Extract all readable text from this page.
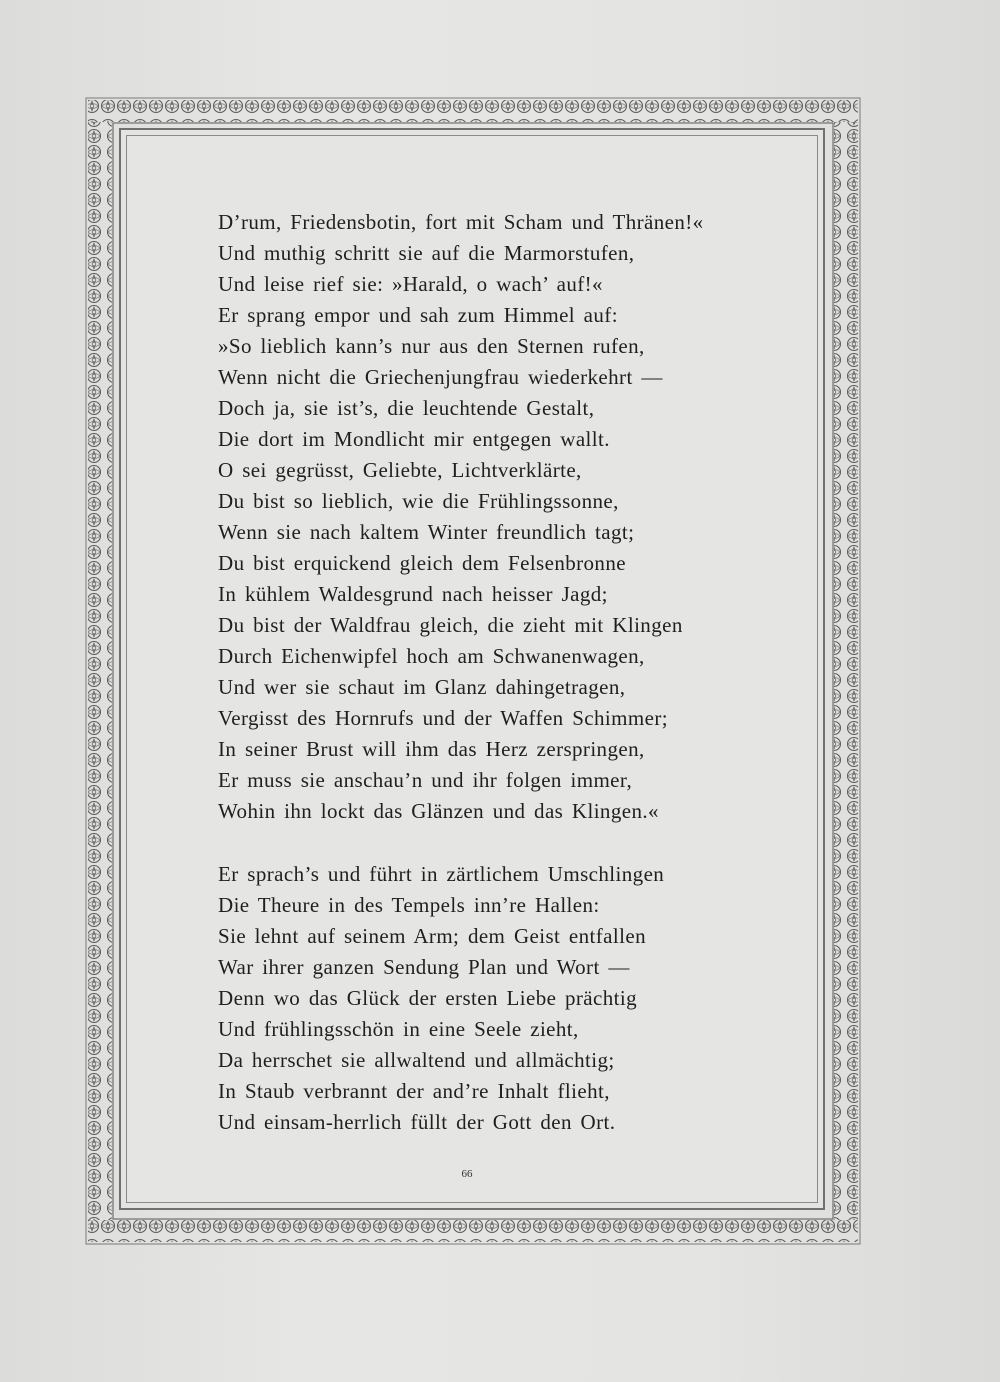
D’rum, Friedensbotin, fort mit Scham und Thränen!«
Und muthig schritt sie auf die Marmorstufen,
Und leise rief sie: »Harald, o wach’ auf!«
Er sprang empor und sah zum Himmel auf:
»So lieblich kann’s nur aus den Sternen rufen,
Wenn nicht die Griechenjungfrau wiederkehrt —
Doch ja, sie ist’s, die leuchtende Gestalt,
Die dort im Mondlicht mir entgegen wallt.
O sei gegrüsst, Geliebte, Lichtverklärte,
Du bist so lieblich, wie die Frühlingssonne,
Wenn sie nach kaltem Winter freundlich tagt;
Du bist erquickend gleich dem Felsenbronne
In kühlem Waldesgrund nach heisser Jagd;
Du bist der Waldfrau gleich, die zieht mit Klingen
Durch Eichenwipfel hoch am Schwanenwagen,
Und wer sie schaut im Glanz dahingetragen,
Vergisst des Hornrufs und der Waffen Schimmer;
In seiner Brust will ihm das Herz zerspringen,
Er muss sie anschau’n und ihr folgen immer,
Wohin ihn lockt das Glänzen und das Klingen.«
Er sprach’s und führt in zärtlichem Umschlingen
Die Theure in des Tempels inn’re Hallen:
Sie lehnt auf seinem Arm; dem Geist entfallen
War ihrer ganzen Sendung Plan und Wort —
Denn wo das Glück der ersten Liebe prächtig
Und frühlingsschön in eine Seele zieht,
Da herrschet sie allwaltend und allmächtig;
In Staub verbrannt der and’re Inhalt flieht,
Und einsam-herrlich füllt der Gott den Ort.
66
